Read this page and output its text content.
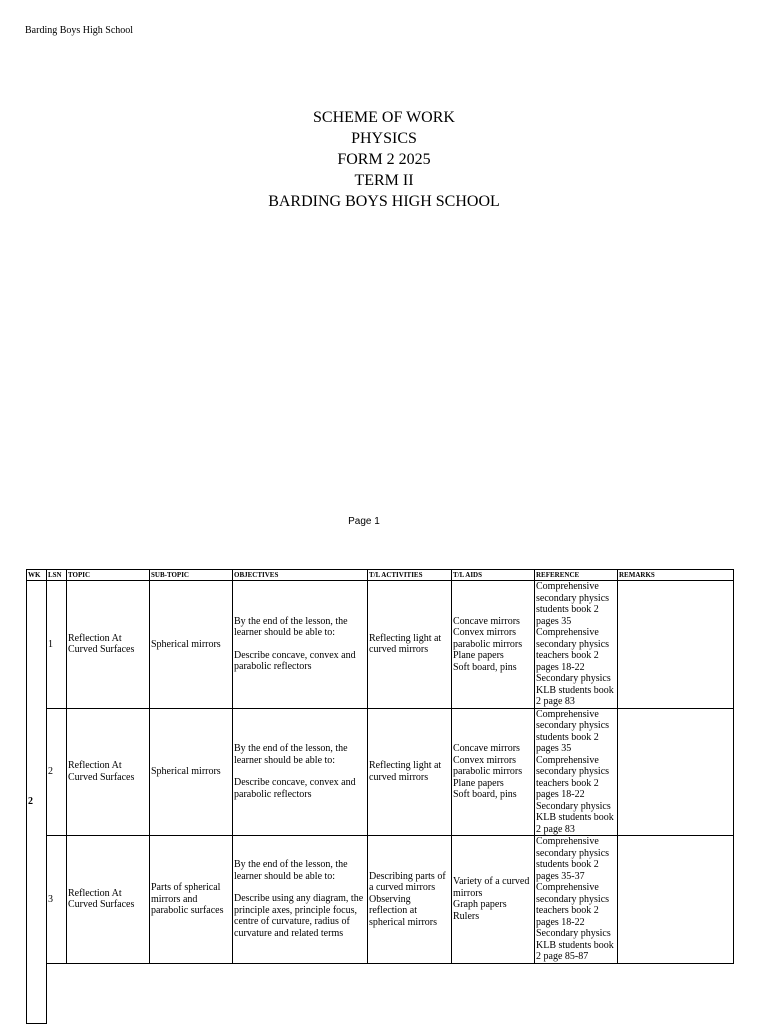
Barding Boys High School
SCHEME OF WORK
PHYSICS
FORM 2 2025
TERM II
BARDING BOYS HIGH SCHOOL
Page 1
WK	LSN	TOPIC	SUB-TOPIC	OBJECTIVES	T/L ACTIVITIES	T/L AIDS	REFERENCE	REMARKS
2	1	Reflection At Curved Surfaces	Spherical mirrors	By the end of the lesson, the learner should be able to:
Describe concave, convex and parabolic reflectors	Reflecting light at curved mirrors	Concave mirrors
Convex mirrors
parabolic mirrors
Plane papers
Soft board, pins	Comprehensive secondary physics students book 2 pages 35
Comprehensive secondary physics teachers book 2 pages 18-22
Secondary physics KLB students book 2 page 83	

	2	Reflection At Curved Surfaces	Spherical mirrors	By the end of the lesson, the learner should be able to:
Describe concave, convex and parabolic reflectors	Reflecting light at curved mirrors	Concave mirrors
Convex mirrors
parabolic mirrors
Plane papers
Soft board, pins	Comprehensive secondary physics students book 2 pages 35
Comprehensive secondary physics teachers book 2 pages 18-22
Secondary physics KLB students book 2 page 83	

	3	Reflection At Curved Surfaces	Parts of spherical mirrors and parabolic surfaces	By the end of the lesson, the learner should be able to:
Describe using any diagram, the principle axes, principle focus, centre of curvature, radius of curvature and related terms	Describing parts of a curved mirrors Observing reflection at spherical mirrors	Variety of a curved mirrors
Graph papers
Rulers	Comprehensive secondary physics students book 2 pages 35-37
Comprehensive secondary physics teachers book 2 pages 18-22
Secondary physics KLB students book 2 page 85-87	
